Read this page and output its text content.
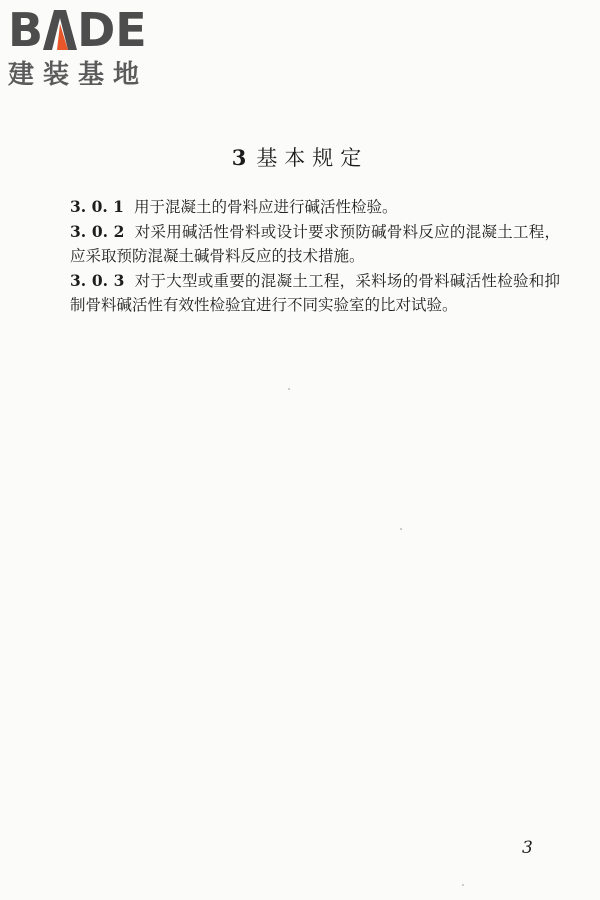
B DE
建装基地
3 基本规定

3. 0. 1 用于混凝土的骨料应进行碱活性检验。

3. 0. 2 对采用碱活性骨料或设计要求预防碱骨料反应的混凝土工程，应采取预防混凝土碱骨料反应的技术措施。

3. 0. 3 对于大型或重要的混凝土工程，采料场的骨料碱活性检验和抑制骨料碱活性有效性检验宜进行不同实验室的比对试验。

3
